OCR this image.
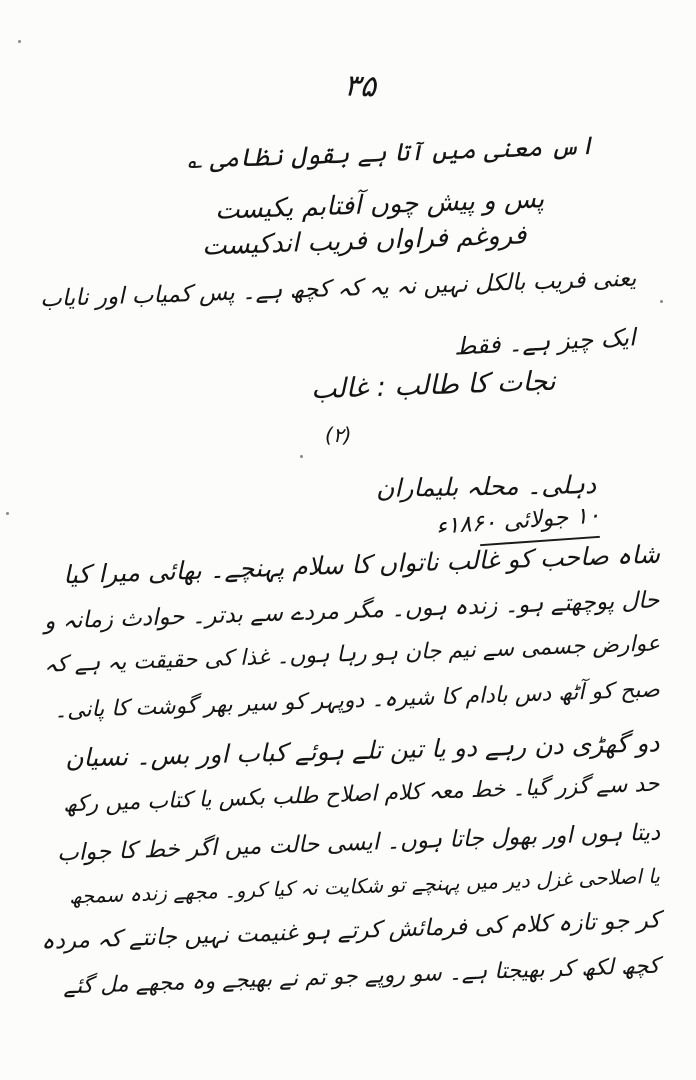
۳۵
اس معنی میں آتا ہے بقول نظامی ؎
پس و پیش چوں آفتابم یکیست
فروغم فراواں فریب اندکیست
یعنی فریب بالکل نہیں نہ یہ کہ کچھ ہے۔ پس کمیاب اور نایاب
ایک چیز ہے۔ فقط
نجات کا طالب : غالب
(۲)
دہلی۔ محلہ بلیماران
۱۰ جولائی ۱۸۶۰ء
شاہ صاحب کو غالب ناتواں کا سلام پہنچے۔ بھائی میرا کیا
حال پوچھتے ہو۔ زندہ ہوں۔ مگر مردے سے بدتر۔ حوادث زمانہ و
عوارض جسمی سے نیم جان ہو رہا ہوں۔ غذا کی حقیقت یہ ہے کہ
صبح کو آٹھ دس بادام کا شیرہ۔ دوپہر کو سیر بھر گوشت کا پانی۔
دو گھڑی دن رہے دو یا تین تلے ہوئے کباب اور بس۔ نسیان
حد سے گزر گیا۔ خط معہ کلام اصلاح طلب بکس یا کتاب میں رکھ
دیتا ہوں اور بھول جاتا ہوں۔ ایسی حالت میں اگر خط کا جواب
یا اصلاحی غزل دیر میں پہنچے تو شکایت نہ کیا کرو۔ مجھے زندہ سمجھ
کر جو تازہ کلام کی فرمائش کرتے ہو غنیمت نہیں جانتے کہ مردہ
کچھ لکھ کر بھیجتا ہے۔ سو روپے جو تم نے بھیجے وہ مجھے مل گئے
